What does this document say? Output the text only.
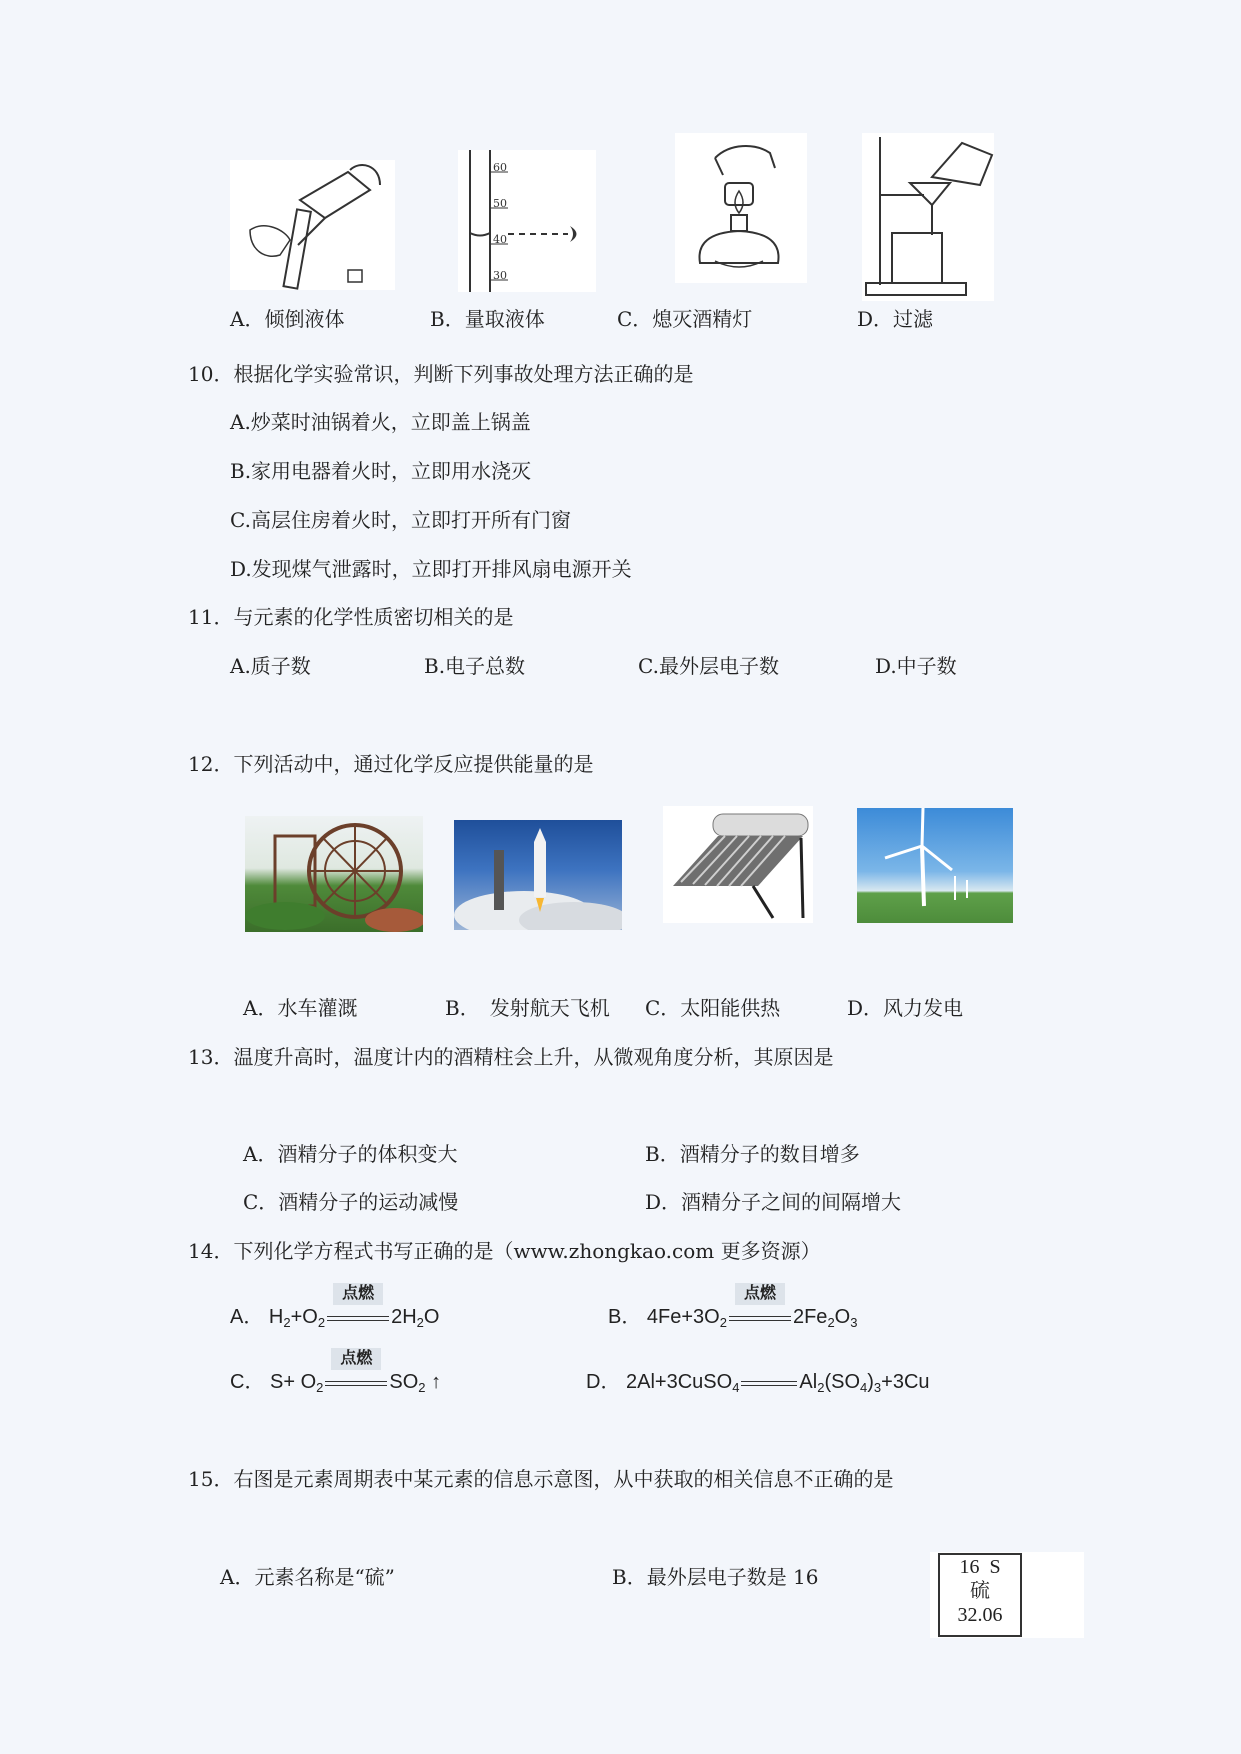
60
50
40
30
A．倾倒液体	B．量取液体	C．熄灭酒精灯	D．过滤
10．根据化学实验常识，判断下列事故处理方法正确的是
A.炒菜时油锅着火，立即盖上锅盖
B.家用电器着火时，立即用水浇灭
C.高层住房着火时，立即打开所有门窗
D.发现煤气泄露时，立即打开排风扇电源开关
11．与元素的化学性质密切相关的是
A.质子数	B.电子总数	C.最外层电子数	D.中子数
12．下列活动中，通过化学反应提供能量的是
A．水车灌溉	B．　发射航天飞机 C．太阳能供热	D．风力发电
13．温度升高时，温度计内的酒精柱会上升，从微观角度分析，其原因是
A．酒精分子的体积变大	B．酒精分子的数目增多
C．酒精分子的运动减慢	D．酒精分子之间的间隔增大
14．下列化学方程式书写正确的是（www.zhongkao.com 更多资源）
A． $H_2+O_2$
点燃
$2H_2O$	B． $4Fe+3O_2$
点燃
$2Fe_2O_3$
C． $S+ O_2$
点燃
$SO_2$ ↑	D． 2Al+3CuSO$_4$	$Al_2(SO_4)_3+3Cu$
15．右图是元素周期表中某元素的信息示意图，从中获取的相关信息不正确的是
A．元素名称是“硫”	B．最外层电子数是 16	16 S
硫
32.06
